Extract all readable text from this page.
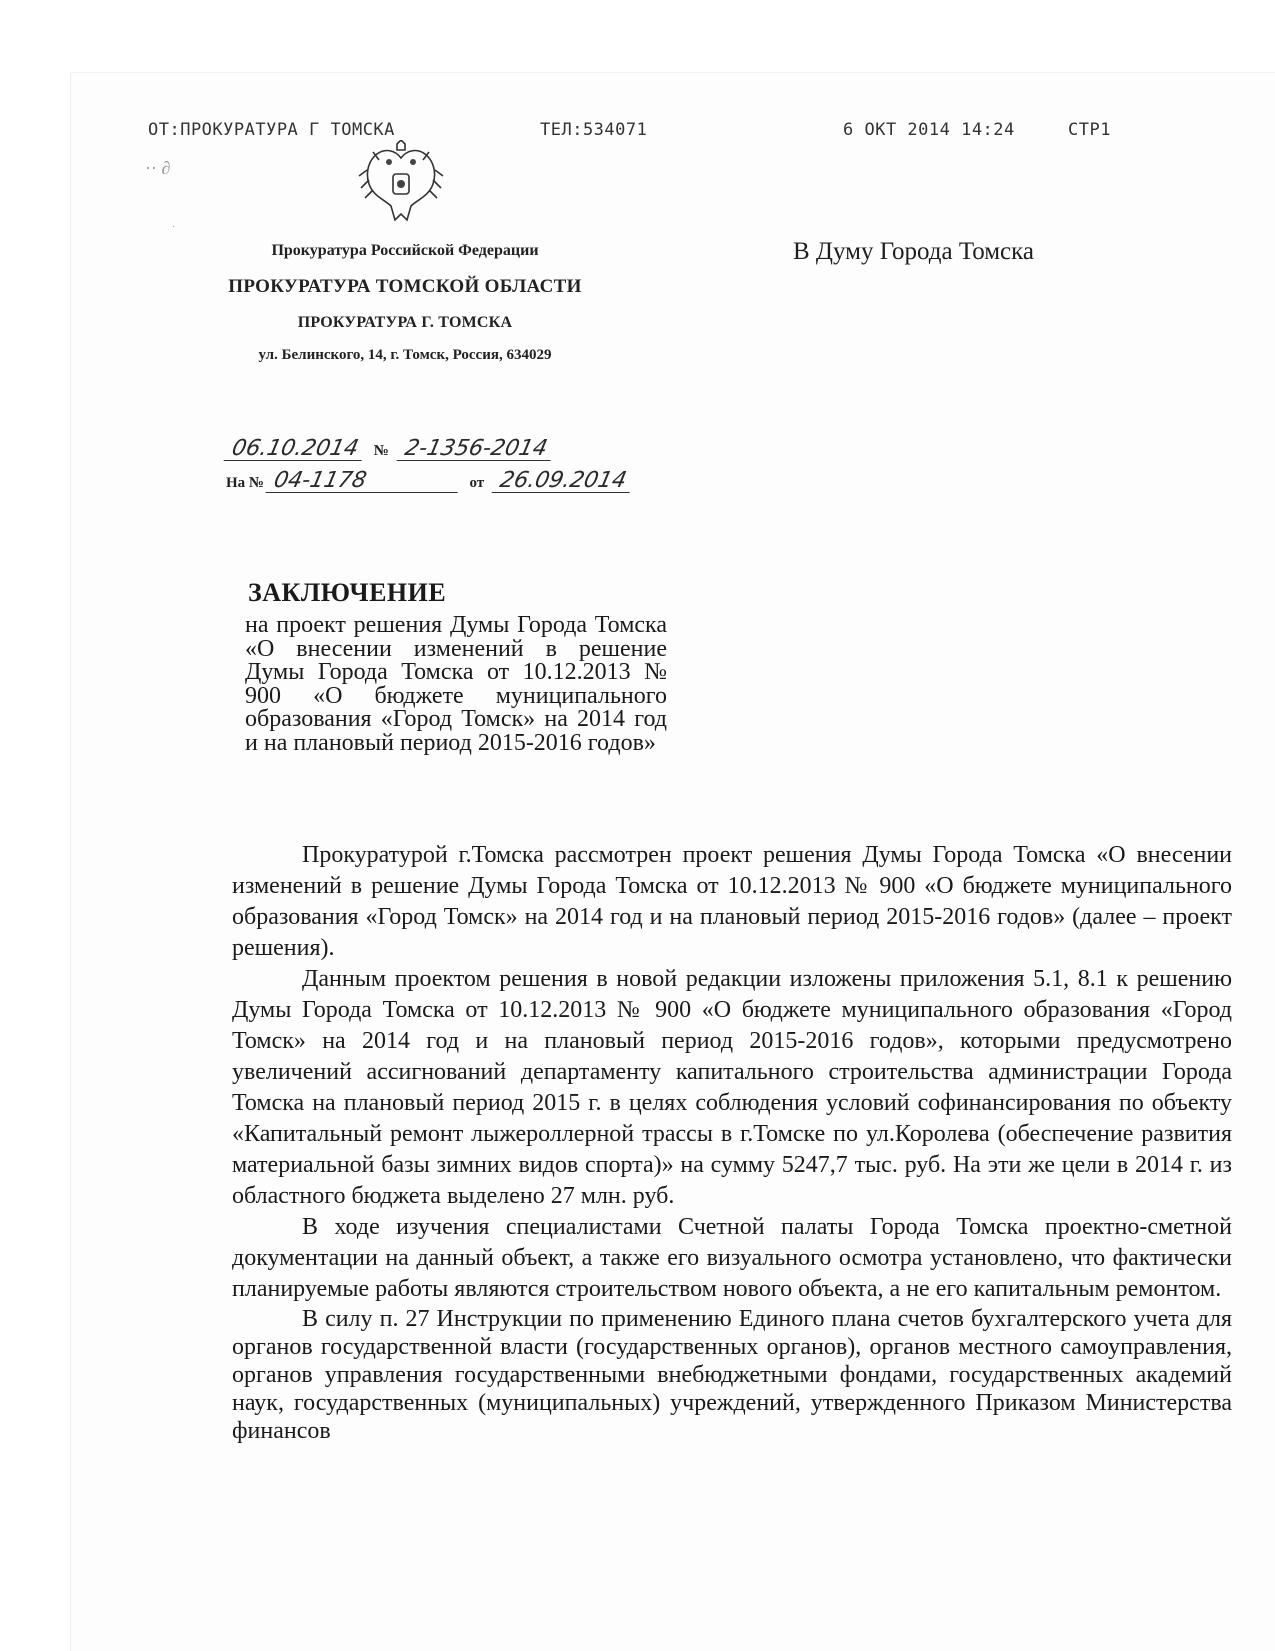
ОТ:ПРОКУРАТУРА Г ТОМСКА	ТЕЛ:534071	6 ОКТ 2014 14:24	СТР1
·· ∂
·
Прокуратура Российской Федерации
ПРОКУРАТУРА ТОМСКОЙ ОБЛАСТИ
ПРОКУРАТУРА Г. ТОМСКА
ул. Белинского, 14, г. Томск, Россия, 634029
06.10.2014 № 2-1356-2014
На № 04-1178	от 26.09.2014
В Думу Города Томска
ЗАКЛЮЧЕНИЕ
на проект решения Думы Города Томска «О внесении изменений в решение Думы Города Томска от 10.12.2013 № 900 «О бюджете муниципального образования «Город Томск» на 2014 год и на плановый период 2015-2016 годов»

Прокуратурой г.Томска рассмотрен проект решения Думы Города Томска «О внесении изменений в решение Думы Города Томска от 10.12.2013 № 900 «О бюджете муниципального образования «Город Томск» на 2014 год и на плановый период 2015-2016 годов» (далее – проект решения).

Данным проектом решения в новой редакции изложены приложения 5.1, 8.1 к решению Думы Города Томска от 10.12.2013 № 900 «О бюджете муниципального образования «Город Томск» на 2014 год и на плановый период 2015-2016 годов», которыми предусмотрено увеличений ассигнований департаменту капитального строительства администрации Города Томска на плановый период 2015 г. в целях соблюдения условий софинансирования по объекту «Капитальный ремонт лыжероллерной трассы в г.Томске по ул.Королева (обеспечение развития материальной базы зимних видов спорта)» на сумму 5247,7 тыс. руб. На эти же цели в 2014 г. из областного бюджета выделено 27 млн. руб.

В ходе изучения специалистами Счетной палаты Города Томска проектно-сметной документации на данный объект, а также его визуального осмотра установлено, что фактически планируемые работы являются строительством нового объекта, а не его капитальным ремонтом.

В силу п. 27 Инструкции по применению Единого плана счетов бухгалтерского учета для органов государственной власти (государственных органов), органов местного самоуправления, органов управления государственными внебюджетными фондами, государственных академий наук, государственных (муниципальных) учреждений, утвержденного Приказом Министерства финансов
